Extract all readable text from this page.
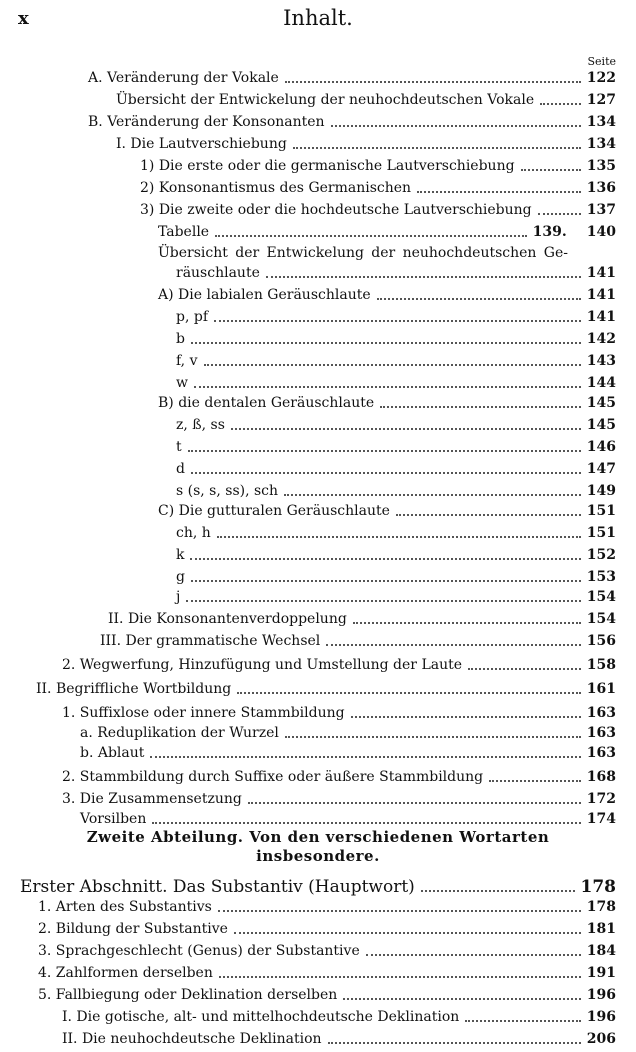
x	Inhalt.
Seite
A. Veränderung der Vokale	122
Übersicht der Entwickelung der neuhochdeutschen Vokale	127
B. Veränderung der Konsonanten	134
I. Die Lautverschiebung	134
1) Die erste oder die germanische Lautverschiebung	135
2) Konsonantismus des Germanischen	136
3) Die zweite oder die hochdeutsche Lautverschiebung	137
Tabelle	139. 140
Übersicht der Entwickelung der neuhochdeutschen Ge-
räuschlaute	141
A) Die labialen Geräuschlaute	141
p, pf	141
b	142
f, v	143
w	144
B) die dentalen Geräuschlaute	145
z, ß, ss	145
t	146
d	147
s (s, s, ss), sch	149
C) Die gutturalen Geräuschlaute	151
ch, h	151
k	152
g	153
j	154
II. Die Konsonantenverdoppelung	154
III. Der grammatische Wechsel	156
2. Wegwerfung, Hinzufügung und Umstellung der Laute	158
II. Begriffliche Wortbildung	161
1. Suffixlose oder innere Stammbildung	163
a. Reduplikation der Wurzel	163
b. Ablaut	163
2. Stammbildung durch Suffixe oder äußere Stammbildung	168
3. Die Zusammensetzung	172
Vorsilben	174
Zweite Abteilung. Von den verschiedenen Wortarten
insbesondere.
Erster Abschnitt. Das Substantiv (Hauptwort)	178
1. Arten des Substantivs	178
2. Bildung der Substantive	181
3. Sprachgeschlecht (Genus) der Substantive	184
4. Zahlformen derselben	191
5. Fallbiegung oder Deklination derselben	196
I. Die gotische, alt- und mittelhochdeutsche Deklination	196
II. Die neuhochdeutsche Deklination	206
